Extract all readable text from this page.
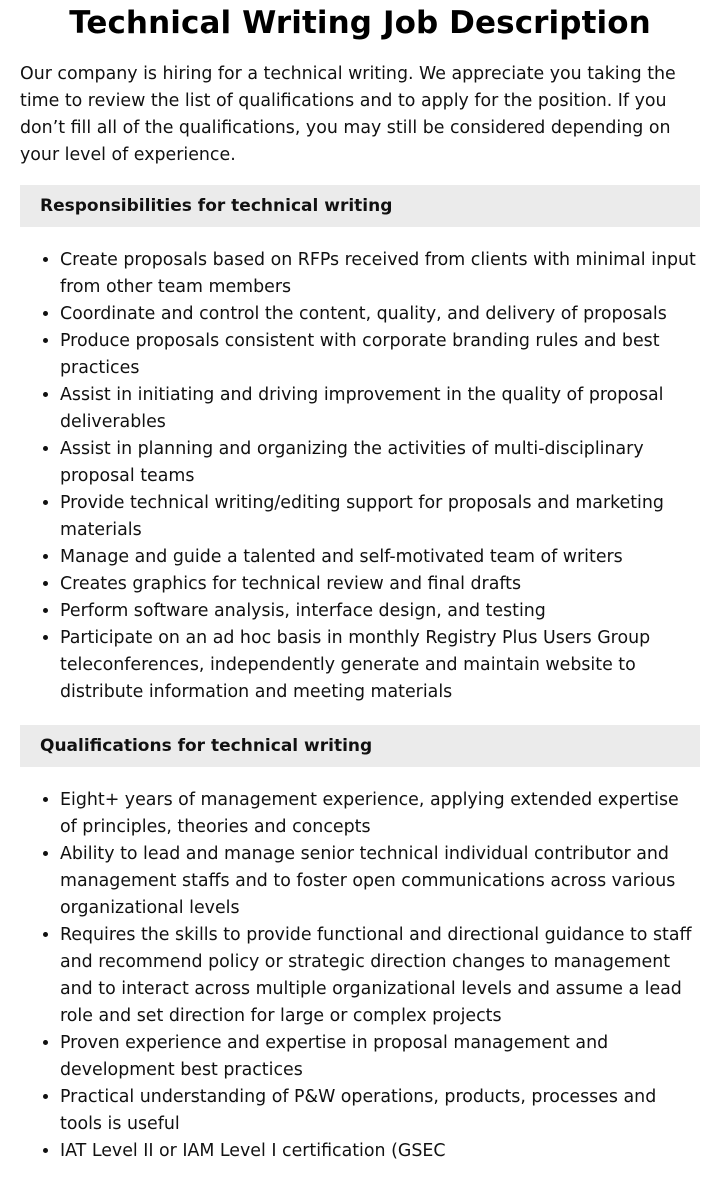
Technical Writing Job Description

Our company is hiring for a technical writing. We appreciate you taking the time to review the list of qualifications and to apply for the position. If you don’t fill all of the qualifications, you may still be considered depending on your level of experience.

Responsibilities for technical writing
• Create proposals based on RFPs received from clients with minimal input from other team members
• Coordinate and control the content, quality, and delivery of proposals
• Produce proposals consistent with corporate branding rules and best practices
• Assist in initiating and driving improvement in the quality of proposal deliverables
• Assist in planning and organizing the activities of multi-disciplinary proposal teams
• Provide technical writing/editing support for proposals and marketing materials
• Manage and guide a talented and self-motivated team of writers
• Creates graphics for technical review and final drafts
• Perform software analysis, interface design, and testing
• Participate on an ad hoc basis in monthly Registry Plus Users Group teleconferences, independently generate and maintain website to distribute information and meeting materials
Qualifications for technical writing
• Eight+ years of management experience, applying extended expertise of principles, theories and concepts
• Ability to lead and manage senior technical individual contributor and management staffs and to foster open communications across various organizational levels
• Requires the skills to provide functional and directional guidance to staff and recommend policy or strategic direction changes to management and to interact across multiple organizational levels and assume a lead role and set direction for large or complex projects
• Proven experience and expertise in proposal management and development best practices
• Practical understanding of P&W operations, products, processes and tools is useful
• IAT Level II or IAM Level I certification (GSEC
